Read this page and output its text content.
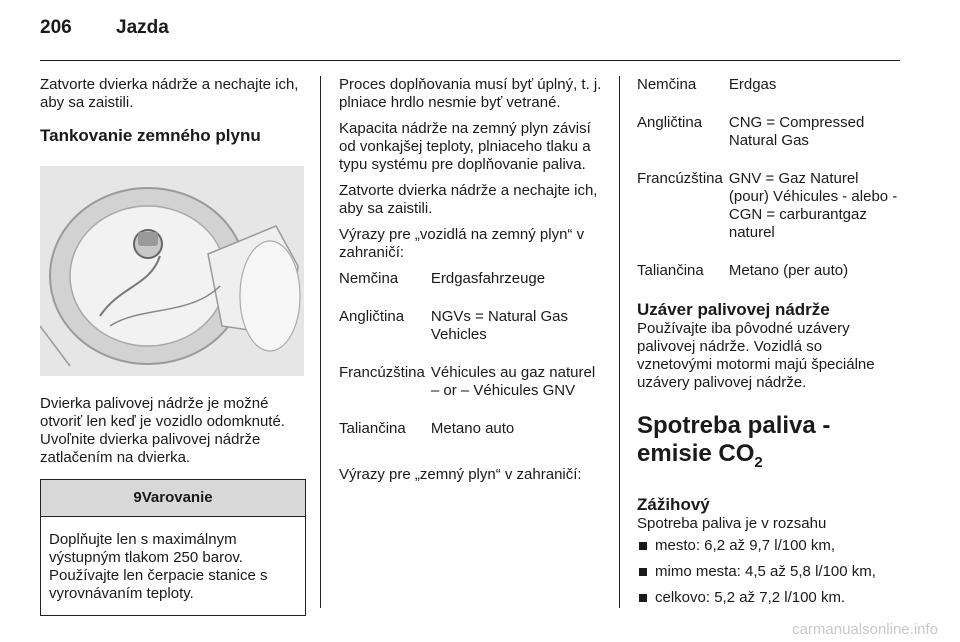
206 Jazda

Zatvorte dvierka nádrže a nechajte ich, aby sa zaistili.

Tankovanie zemného plynu

Dvierka palivovej nádrže je možné otvoriť len keď je vozidlo odomknuté. Uvoľnite dvierka palivovej nádrže zatlačením na dvierka.

9Varovanie
Doplňujte len s maximálnym výstupným tlakom 250 barov. Používajte len čerpacie stanice s vyrovnávaním teploty.

Proces doplňovania musí byť úplný, t. j. plniace hrdlo nesmie byť vetrané.

Kapacita nádrže na zemný plyn závisí od vonkajšej teploty, plniaceho tlaku a typu systému pre doplňovanie paliva.

Zatvorte dvierka nádrže a nechajte ich, aby sa zaistili.

Výrazy pre „vozidlá na zemný plyn“ v zahraničí:

Nemčina	Erdgasfahrzeuge
Angličtina	NGVs = Natural Gas Vehicles
Francúzština	Véhicules au gaz naturel – or – Véhicules GNV
Taliančina	Metano auto

Výrazy pre „zemný plyn“ v zahraničí:

Nemčina	Erdgas
Angličtina	CNG = Compressed Natural Gas
Francúzština	GNV = Gaz Naturel (pour) Véhicules - alebo - CGN = carburantgaz naturel
Taliančina	Metano (per auto)
Uzáver palivovej nádrže

Používajte iba pôvodné uzávery palivovej nádrže. Vozidlá so vznetovými motormi majú špeciálne uzávery palivovej nádrže.

Spotreba paliva - emisie $CO_2$
Zážihový

Spotreba paliva je v rozsahu

mesto: 6,2 až 9,7 l/100 km,
mimo mesta: 4,5 až 5,8 l/100 km,
celkovo: 5,2 až 7,2 l/100 km.
carmanualsonline.info
